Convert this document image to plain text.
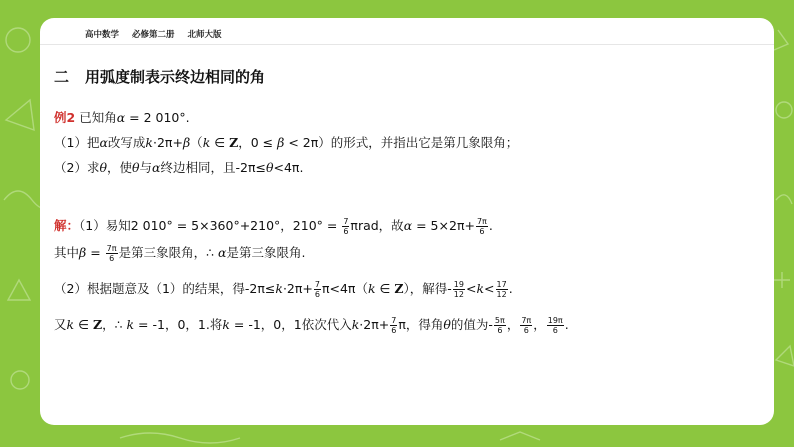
高中数学 必修第二册 北师大版
二 用弧度制表示终边相同的角
例2 已知角α = 2 010°.
（1）把α改写成k·2π+β（k ∈ Z，0 ≤ β < 2π）的形式，并指出它是第几象限角；
（2）求θ，使θ与α终边相同，且-2π≤θ<4π.
解：（1）易知2 010° = 5×360°+210°，$210^\circ = \frac{7}{6}$ πrad，故$\alpha = 5\times 2\pi+ \frac{7\pi}{6}$ .
其中$\beta = \frac{7\pi}{6}$ 是第三象限角，∴ α是第三象限角.
（2）根据题意及（1）的结果，得$-2\pi\le k\cdot 2\pi+ \frac{7}{6} \pi<4\pi(k$ ∈ Z），解得- $\frac{19}{12} <k< \frac{17}{12}$ .
又k ∈ Z，∴ k = -1，0，1.将k = -1，0，1依次代入$k\cdot 2\pi+ \frac{7}{6}$ π，得角θ的值为- $\frac{5\pi}{6}$ ， $\frac{7\pi}{6}$ ， $\frac{19\pi}{6}$ .
